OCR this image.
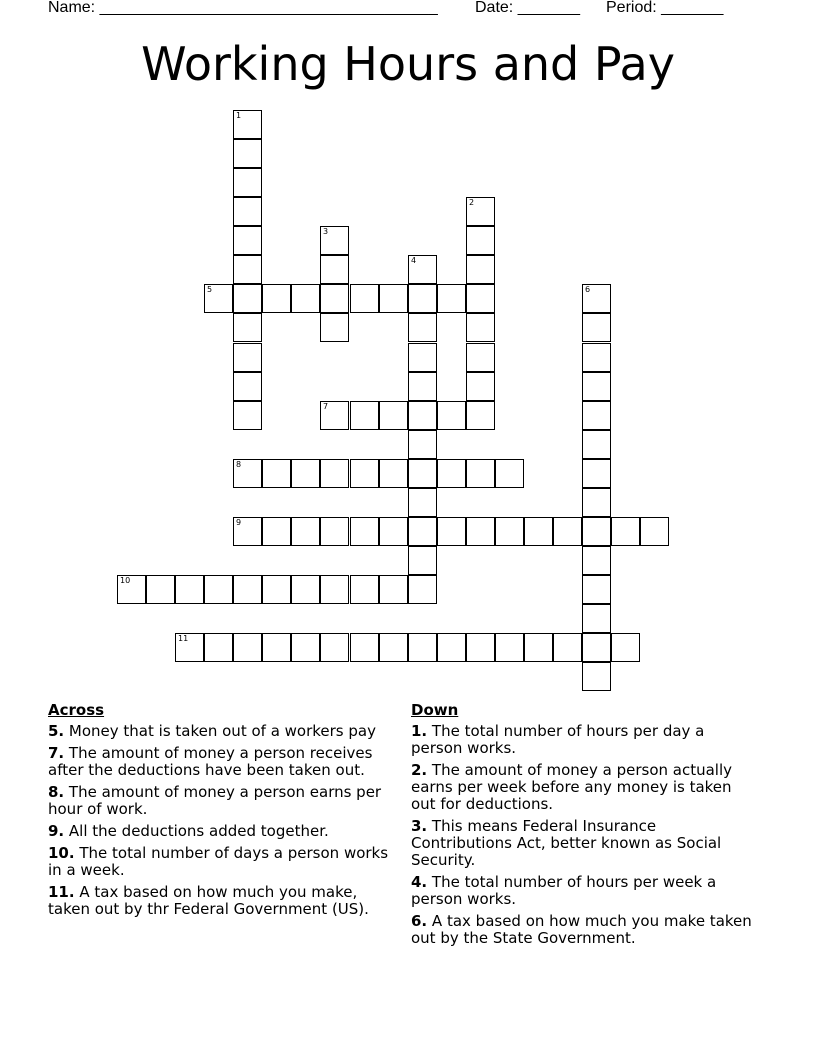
Name: ______________________________________ Date: _______ Period: _______
Working Hours and Pay
1
2
3
4
5	6
7
8
9
10
11
Across
5. Money that is taken out of a workers pay
7. The amount of money a person receives after the deductions have been taken out.
8. The amount of money a person earns per hour of work.
9. All the deductions added together.
10. The total number of days a person works in a week.
11. A tax based on how much you make, taken out by thr Federal Government (US).
Down
1. The total number of hours per day a person works.
2. The amount of money a person actually earns per week before any money is taken out for deductions.
3. This means Federal Insurance Contributions Act, better known as Social Security.
4. The total number of hours per week a person works.
6. A tax based on how much you make taken out by the State Government.
